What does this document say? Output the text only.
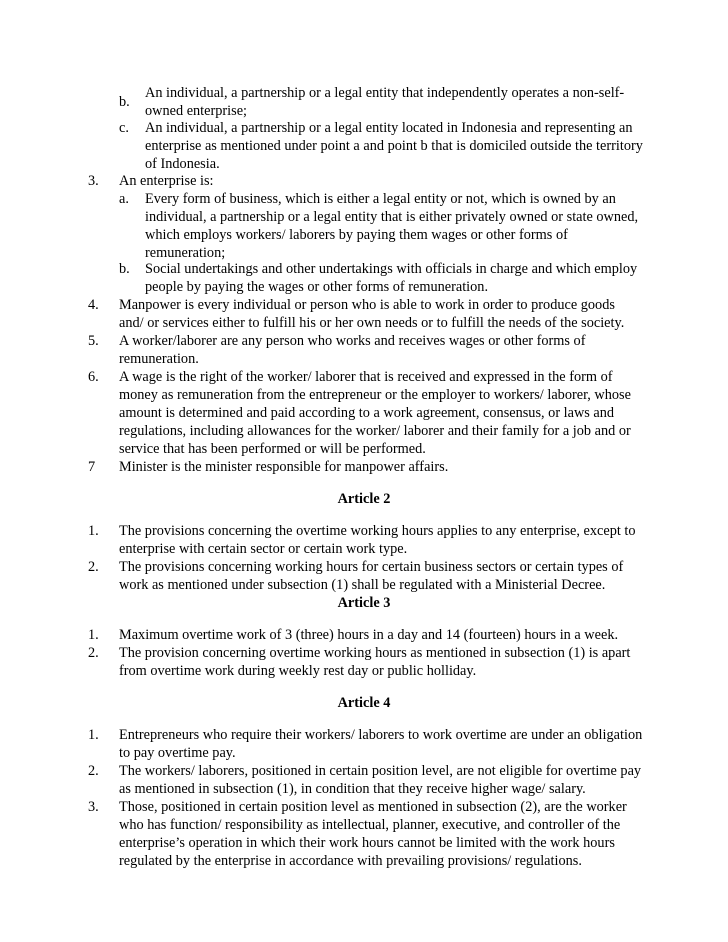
An individual, a partnership or a legal entity that independently operates a non-self-
b.
owned enterprise;
c. An individual, a partnership or a legal entity located in Indonesia and representing an
enterprise as mentioned under point a and point b that is domiciled outside the territory
of Indonesia.
3. An enterprise is:
a. Every form of business, which is either a legal entity or not, which is owned by an
individual, a partnership or a legal entity that is either privately owned or state owned,
which employs workers/ laborers by paying them wages or other forms of
remuneration;
b. Social undertakings and other undertakings with officials in charge and which employ
people by paying the wages or other forms of remuneration.
4. Manpower is every individual or person who is able to work in order to produce goods
and/ or services either to fulfill his or her own needs or to fulfill the needs of the society.
5. A worker/laborer are any person who works and receives wages or other forms of
remuneration.
6. A wage is the right of the worker/ laborer that is received and expressed in the form of
money as remuneration from the entrepreneur or the employer to workers/ laborer, whose
amount is determined and paid according to a work agreement, consensus, or laws and
regulations, including allowances for the worker/ laborer and their family for a job and or
service that has been performed or will be performed.
7 Minister is the minister responsible for manpower affairs.
Article 2
1. The provisions concerning the overtime working hours applies to any enterprise, except to
enterprise with certain sector or certain work type.
2. The provisions concerning working hours for certain business sectors or certain types of
work as mentioned under subsection (1) shall be regulated with a Ministerial Decree.
Article 3
1. Maximum overtime work of 3 (three) hours in a day and 14 (fourteen) hours in a week.
2. The provision concerning overtime working hours as mentioned in subsection (1) is apart
from overtime work during weekly rest day or public holliday.
Article 4
1. Entrepreneurs who require their workers/ laborers to work overtime are under an obligation
to pay overtime pay.
2. The workers/ laborers, positioned in certain position level, are not eligible for overtime pay
as mentioned in subsection (1), in condition that they receive higher wage/ salary.
3. Those, positioned in certain position level as mentioned in subsection (2), are the worker
who has function/ responsibility as intellectual, planner, executive, and controller of the
enterprise’s operation in which their work hours cannot be limited with the work hours
regulated by the enterprise in accordance with prevailing provisions/ regulations.
